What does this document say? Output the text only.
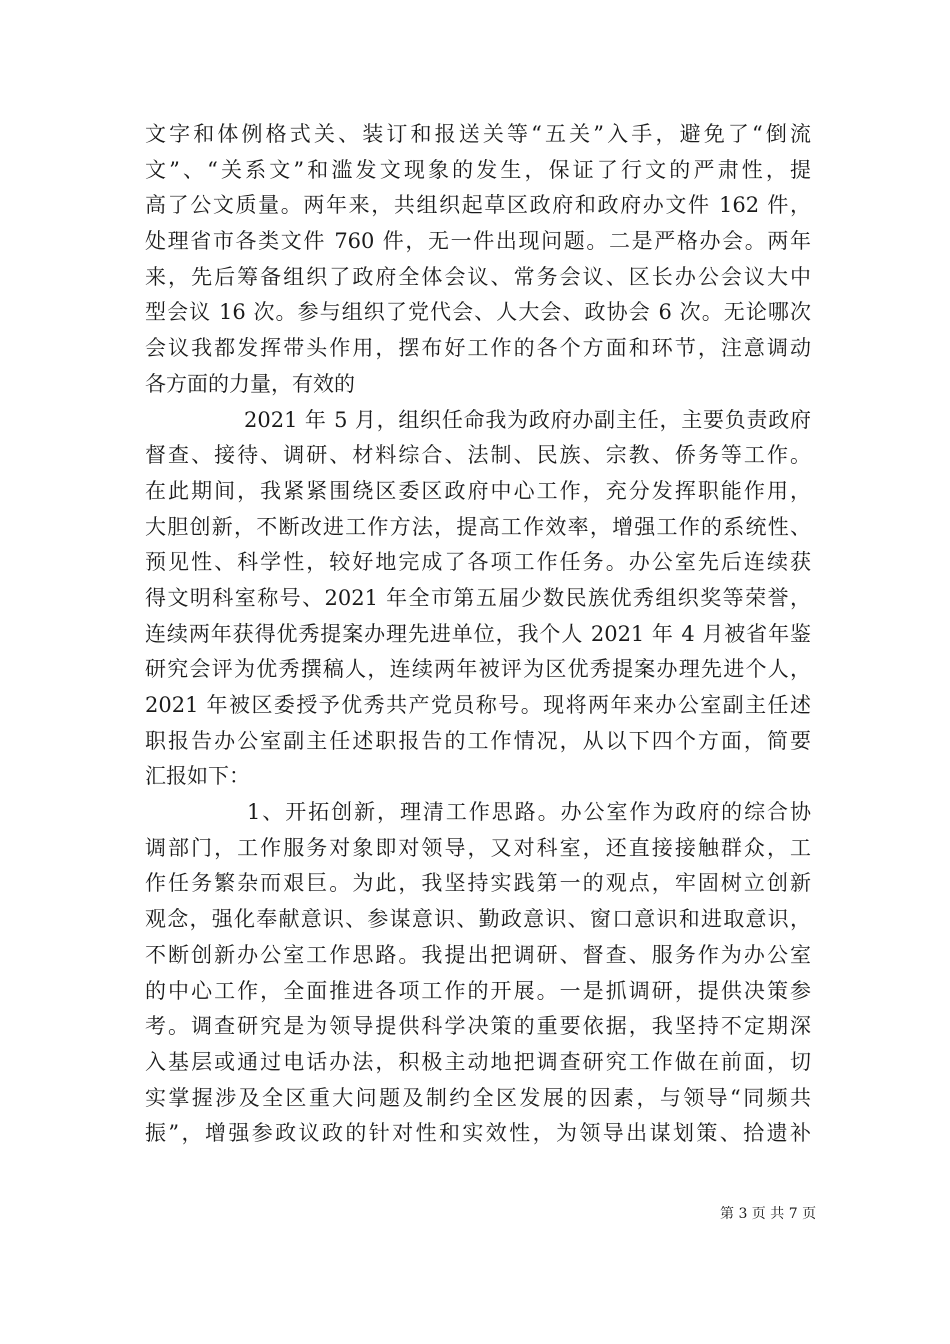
文字和体例格式关、装订和报送关等“五关”入手，避免了“倒流
文”、“关系文”和滥发文现象的发生，保证了行文的严肃性，提
高了公文质量。两年来，共组织起草区政府和政府办文件 162 件，
处理省市各类文件 760 件，无一件出现问题。二是严格办会。两年
来，先后筹备组织了政府全体会议、常务会议、区长办公会议大中
型会议 16 次。参与组织了党代会、人大会、政协会 6 次。无论哪次
会议我都发挥带头作用，摆布好工作的各个方面和环节，注意调动
各方面的力量，有效的
2021 年 5 月，组织任命我为政府办副主任，主要负责政府
督查、接待、调研、材料综合、法制、民族、宗教、侨务等工作。
在此期间，我紧紧围绕区委区政府中心工作，充分发挥职能作用，
大胆创新，不断改进工作方法，提高工作效率，增强工作的系统性、
预见性、科学性，较好地完成了各项工作任务。办公室先后连续获
得文明科室称号、2021 年全市第五届少数民族优秀组织奖等荣誉，
连续两年获得优秀提案办理先进单位，我个人 2021 年 4 月被省年鉴
研究会评为优秀撰稿人，连续两年被评为区优秀提案办理先进个人，
2021 年被区委授予优秀共产党员称号。现将两年来办公室副主任述
职报告办公室副主任述职报告的工作情况，从以下四个方面，简要
汇报如下：
1、开拓创新，理清工作思路。办公室作为政府的综合协
调部门，工作服务对象即对领导，又对科室，还直接接触群众，工
作任务繁杂而艰巨。为此，我坚持实践第一的观点，牢固树立创新
观念，强化奉献意识、参谋意识、勤政意识、窗口意识和进取意识，
不断创新办公室工作思路。我提出把调研、督查、服务作为办公室
的中心工作，全面推进各项工作的开展。一是抓调研，提供决策参
考。调查研究是为领导提供科学决策的重要依据，我坚持不定期深
入基层或通过电话办法，积极主动地把调查研究工作做在前面，切
实掌握涉及全区重大问题及制约全区发展的因素，与领导“同频共
振”，增强参政议政的针对性和实效性，为领导出谋划策、拾遗补
第 3 页 共 7 页
